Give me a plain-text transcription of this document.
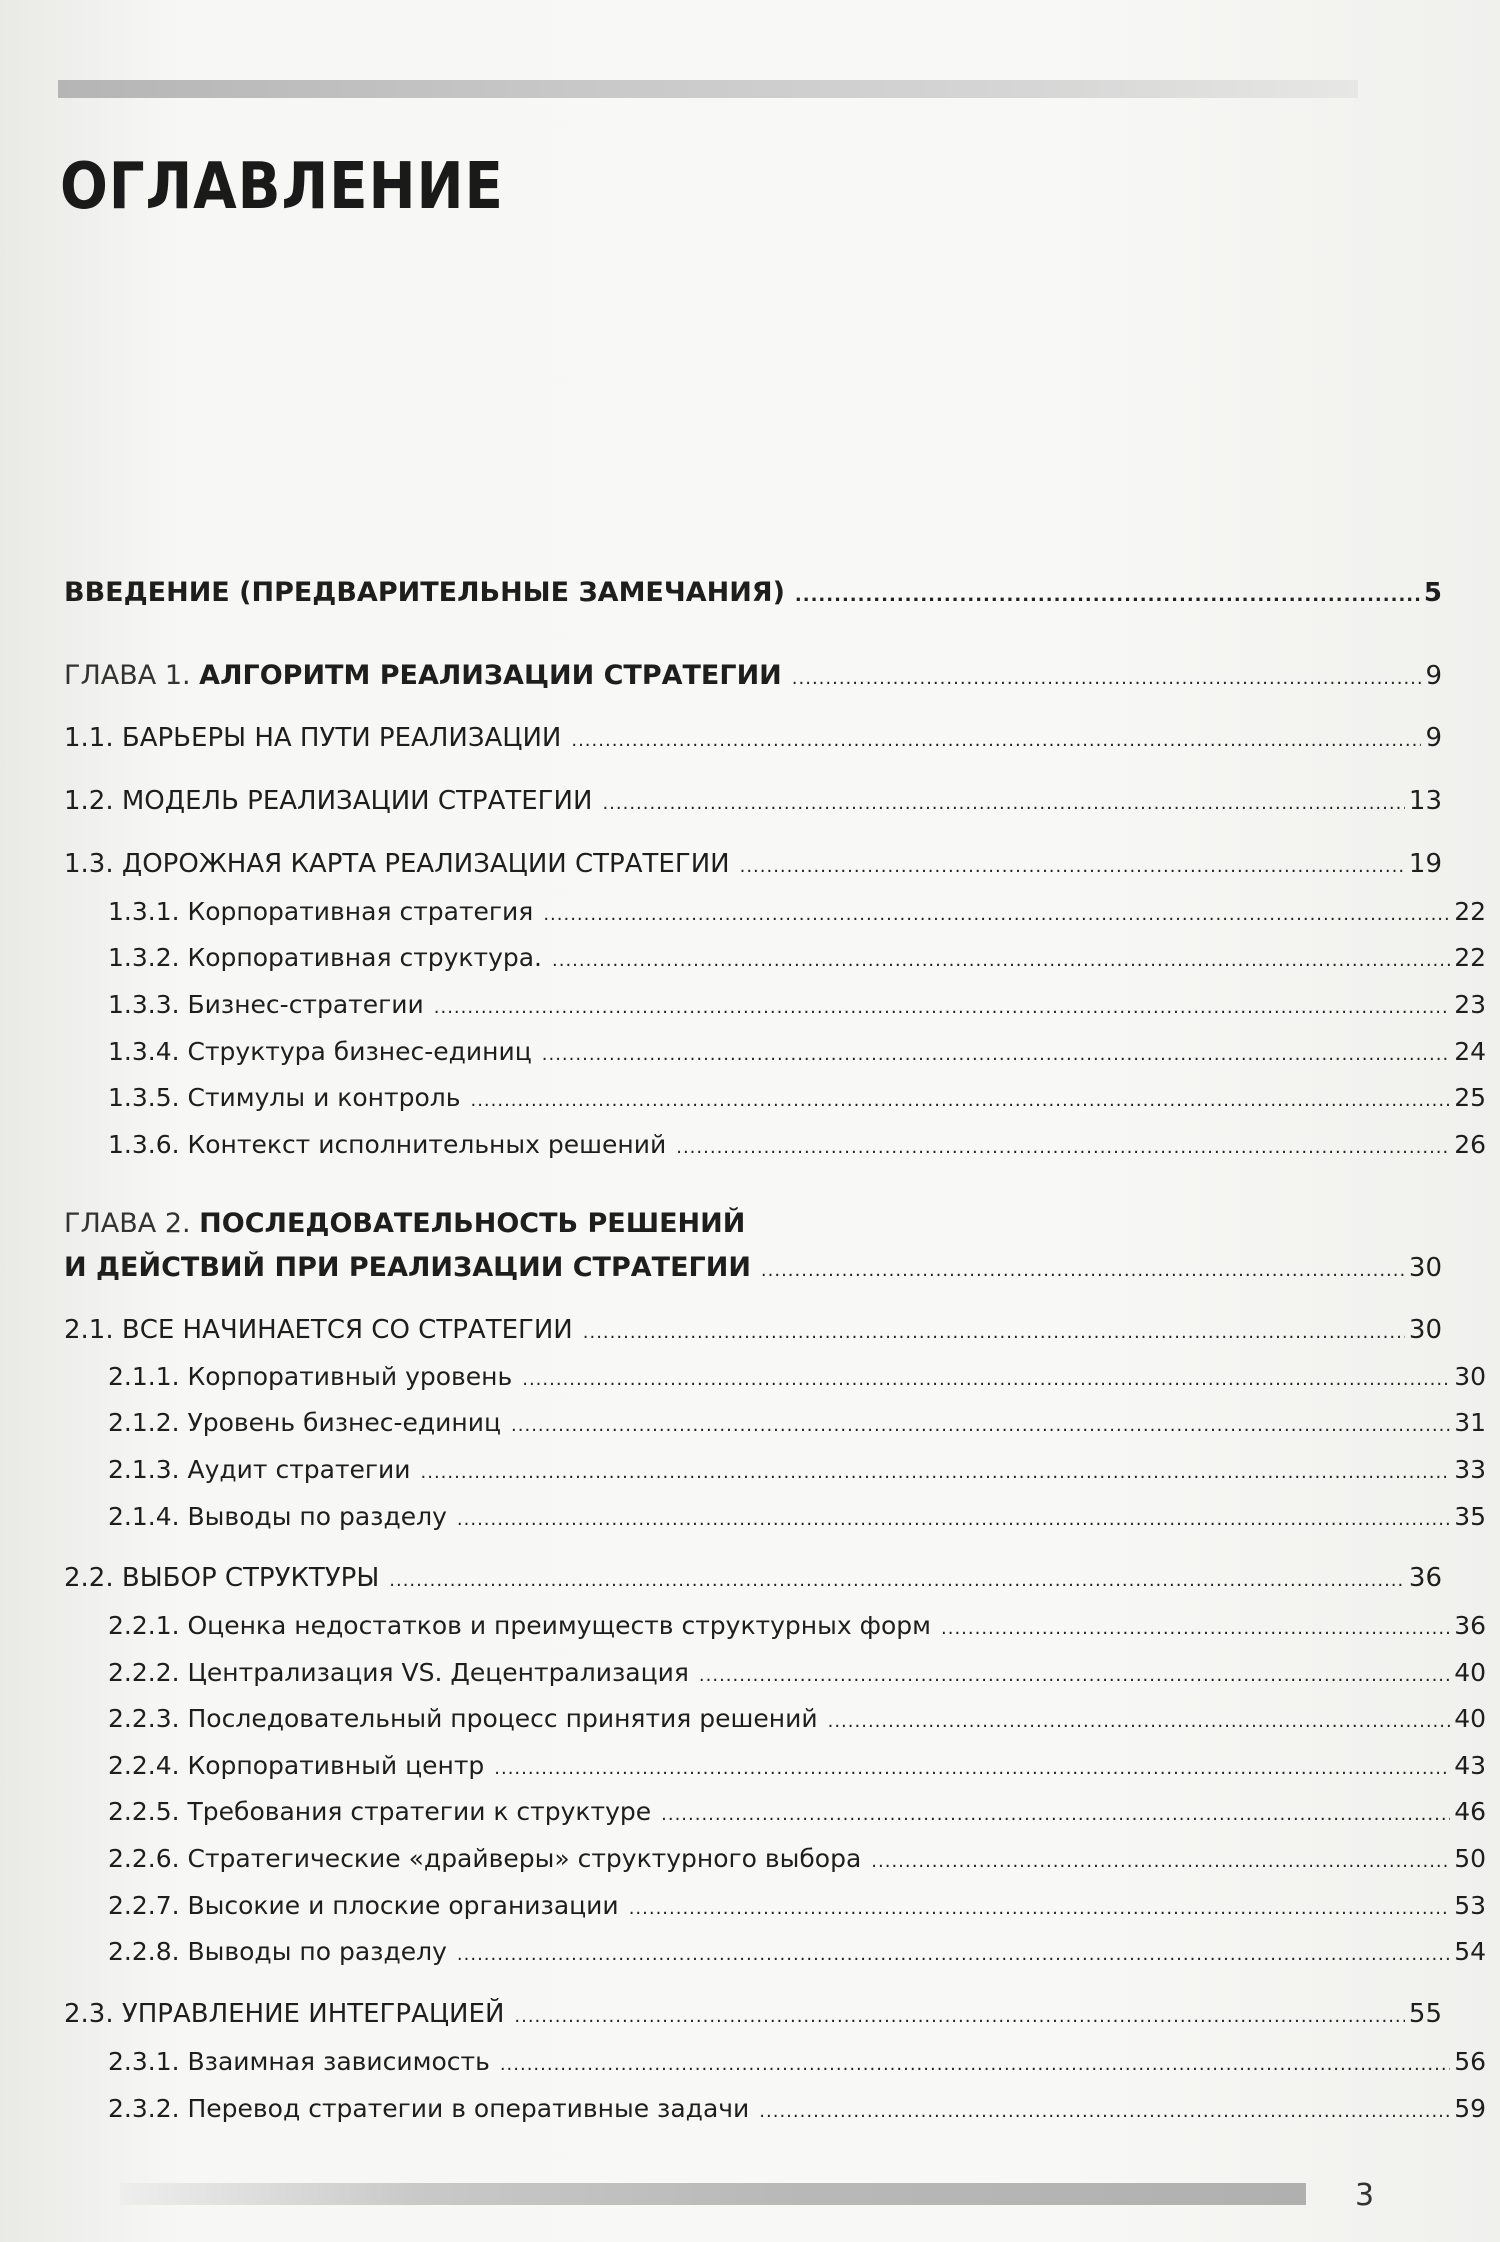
ОГЛАВЛЕНИЕ
ВВЕДЕНИЕ (ПРЕДВАРИТЕЛЬНЫЕ ЗАМЕЧАНИЯ) .....	5
ГЛАВА 1. АЛГОРИТМ РЕАЛИЗАЦИИ СТРАТЕГИИ .....	9
1.1. БАРЬЕРЫ НА ПУТИ РЕАЛИЗАЦИИ .....	9
1.2. МОДЕЛЬ РЕАЛИЗАЦИИ СТРАТЕГИИ .....	13
1.3. ДОРОЖНАЯ КАРТА РЕАЛИЗАЦИИ СТРАТЕГИИ .....	19
1.3.1. Корпоративная стратегия .....	22
1.3.2. Корпоративная структура. .....	22
1.3.3. Бизнес-стратегии .....	23
1.3.4. Структура бизнес-единиц .....	24
1.3.5. Стимулы и контроль .....	25
1.3.6. Контекст исполнительных решений .....	26
ГЛАВА 2. ПОСЛЕДОВАТЕЛЬНОСТЬ РЕШЕНИЙ
И ДЕЙСТВИЙ ПРИ РЕАЛИЗАЦИИ СТРАТЕГИИ .....	30
2.1. ВСЕ НАЧИНАЕТСЯ СО СТРАТЕГИИ .....	30
2.1.1. Корпоративный уровень .....	30
2.1.2. Уровень бизнес-единиц .....	31
2.1.3. Аудит стратегии .....	33
2.1.4. Выводы по разделу .....	35
2.2. ВЫБОР СТРУКТУРЫ .....	36
2.2.1. Оценка недостатков и преимуществ структурных форм .....	36
2.2.2. Централизация VS. Децентрализация .....	40
2.2.3. Последовательный процесс принятия решений .....	40
2.2.4. Корпоративный центр .....	43
2.2.5. Требования стратегии к структуре .....	46
2.2.6. Стратегические «драйверы» структурного выбора .....	50
2.2.7. Высокие и плоские организации .....	53
2.2.8. Выводы по разделу .....	54
2.3. УПРАВЛЕНИЕ ИНТЕГРАЦИЕЙ .....	55
2.3.1. Взаимная зависимость .....	56
2.3.2. Перевод стратегии в оперативные задачи .....	59
3
